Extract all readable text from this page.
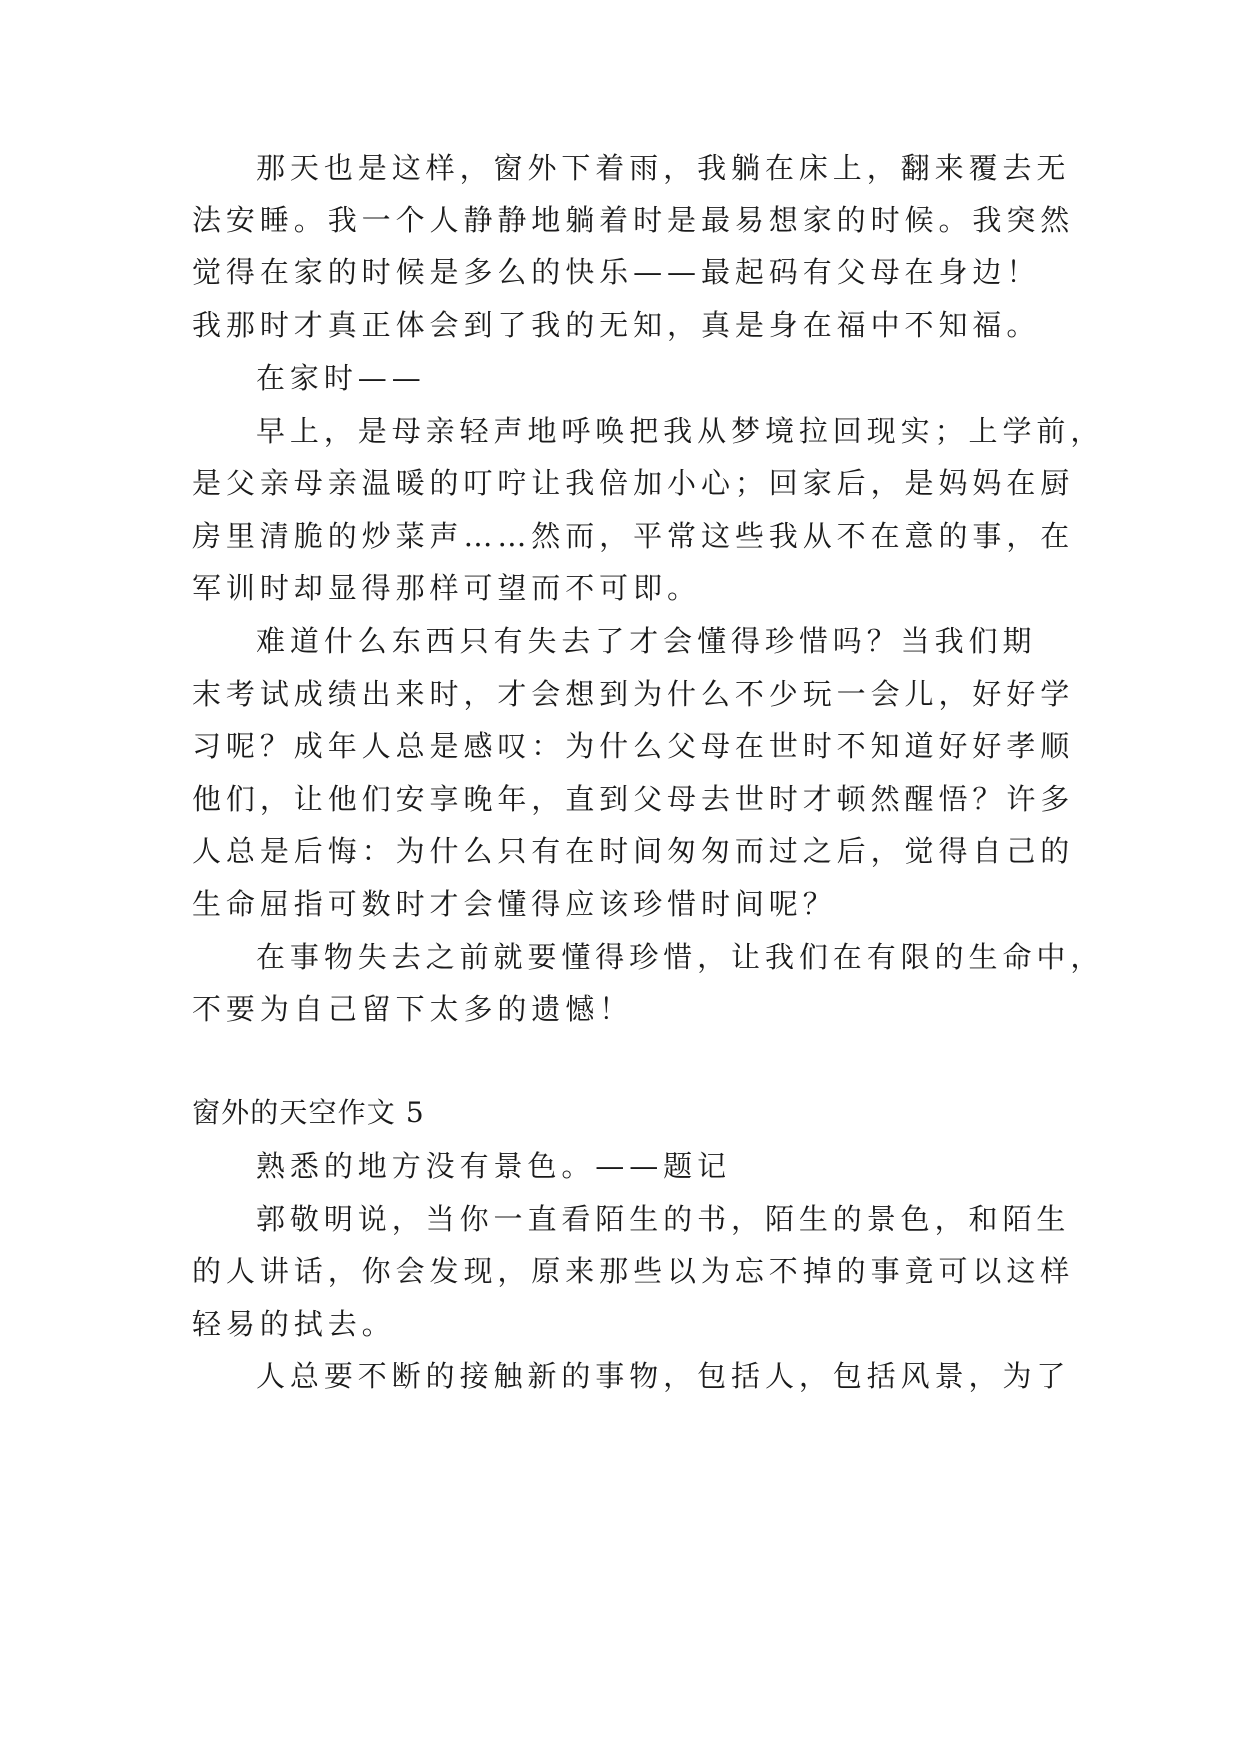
那天也是这样，窗外下着雨，我躺在床上，翻来覆去无
法安睡。我一个人静静地躺着时是最易想家的时候。我突然
觉得在家的时候是多么的快乐——最起码有父母在身边！
我那时才真正体会到了我的无知，真是身在福中不知福。
在家时——
早上，是母亲轻声地呼唤把我从梦境拉回现实；上学前，
是父亲母亲温暖的叮咛让我倍加小心；回家后，是妈妈在厨
房里清脆的炒菜声……然而，平常这些我从不在意的事，在
军训时却显得那样可望而不可即。
难道什么东西只有失去了才会懂得珍惜吗？当我们期
末考试成绩出来时，才会想到为什么不少玩一会儿，好好学
习呢？成年人总是感叹：为什么父母在世时不知道好好孝顺
他们，让他们安享晚年，直到父母去世时才顿然醒悟？许多
人总是后悔：为什么只有在时间匆匆而过之后，觉得自己的
生命屈指可数时才会懂得应该珍惜时间呢？
在事物失去之前就要懂得珍惜，让我们在有限的生命中，
不要为自己留下太多的遗憾！
窗外的天空作文 5
熟悉的地方没有景色。——题记
郭敬明说，当你一直看陌生的书，陌生的景色，和陌生
的人讲话，你会发现，原来那些以为忘不掉的事竟可以这样
轻易的拭去。
人总要不断的接触新的事物，包括人，包括风景，为了
